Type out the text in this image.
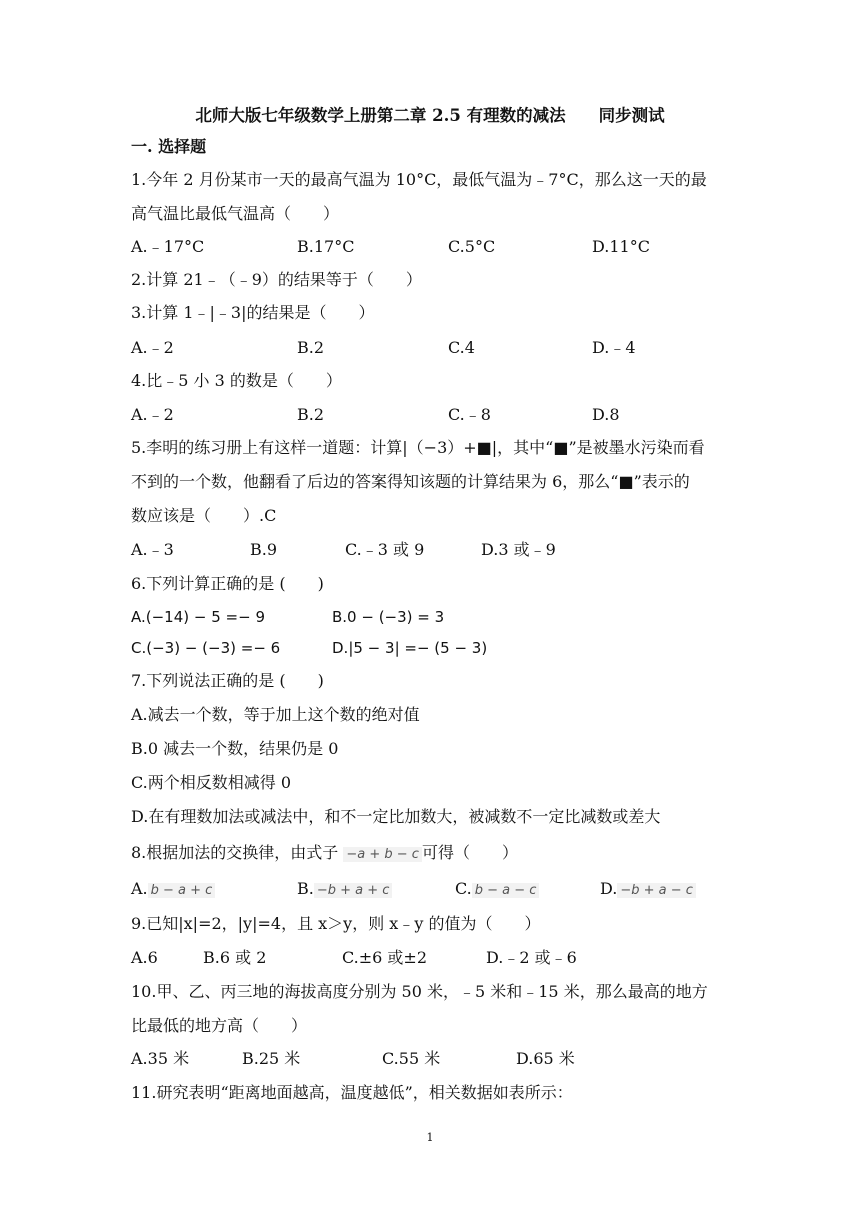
北师大版七年级数学上册第二章 2.5 有理数的减法　　同步测试
一. 选择题
1.今年 2 月份某市一天的最高气温为 10°C，最低气温为﹣7°C，那么这一天的最
高气温比最低气温高（　　）
A.﹣17°C	B.17°C	C.5°C	D.11°C
2.计算 21﹣（﹣9）的结果等于（　　）
3.计算 1﹣|﹣3|的结果是（　　）
A.﹣2	B.2	C.4	D.﹣4
4.比﹣5 小 3 的数是（　　）
A.﹣2	B.2	C.﹣8	D.8
5.李明的练习册上有这样一道题：计算|（−3）+■|，其中“■”是被墨水污染而看
不到的一个数，他翻看了后边的答案得知该题的计算结果为 6，那么“■”表示的
数应该是（　　）.C
A.﹣3	B.9	C.﹣3 或 9	D.3 或﹣9
6.下列计算正确的是 (　　)
A.(−14) − 5 =− 9	B.0 − (−3) = 3
C.(−3) − (−3) =− 6	D.|5 − 3| =− (5 − 3)
7.下列说法正确的是 (　　)
A.减去一个数，等于加上这个数的绝对值
B.0 减去一个数，结果仍是 0
C.两个相反数相减得 0
D.在有理数加法或减法中，和不一定比加数大，被减数不一定比减数或差大
8.根据加法的交换律，由式子 −a + b − c 可得（　　）
A. b − a + c	B. −b + a + c	C. b − a − c	D. −b + a − c
9.已知|x|=2，|y|=4，且 x＞y，则 x﹣y 的值为（　　）
A.6	B.6 或 2	C.±6 或±2	D.﹣2 或﹣6
10.甲、乙、丙三地的海拔高度分别为 50 米，﹣5 米和﹣15 米，那么最高的地方
比最低的地方高（　　）
A.35 米	B.25 米	C.55 米	D.65 米
11.研究表明“距离地面越高，温度越低”，相关数据如表所示：
1
